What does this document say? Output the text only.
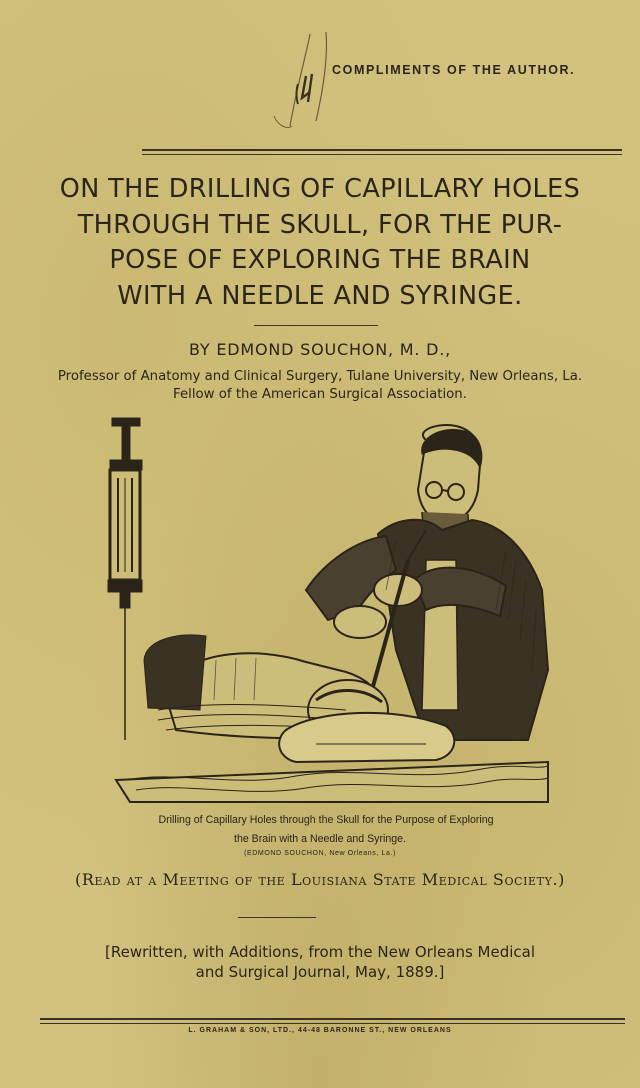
COMPLIMENTS OF THE AUTHOR.
ON THE DRILLING OF CAPILLARY HOLES
THROUGH THE SKULL, FOR THE PUR-
POSE OF EXPLORING THE BRAIN
WITH A NEEDLE AND SYRINGE.
BY EDMOND SOUCHON, M. D.,
Professor of Anatomy and Clinical Surgery, Tulane University, New Orleans, La.
Fellow of the American Surgical Association.
Drilling of Capillary Holes through the Skull for the Purpose of Exploring
the Brain with a Needle and Syringe.
(EDMOND SOUCHON, New Orleans, La.)
(Read at a Meeting of the Louisiana State Medical Society.)
[Rewritten, with Additions, from the New Orleans Medical
and Surgical Journal, May, 1889.]
L. GRAHAM & SON, LTD., 44-48 BARONNE ST., NEW ORLEANS
